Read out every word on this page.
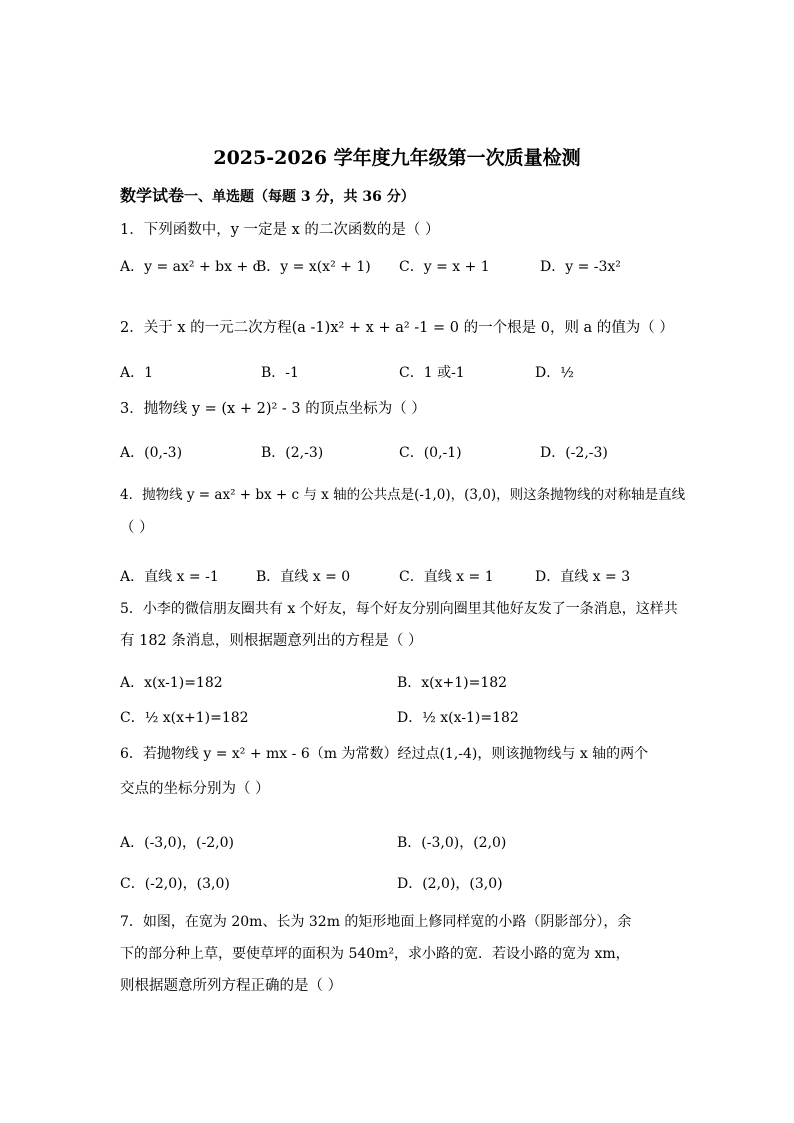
2025-2026 学年度九年级第一次质量检测
数学试卷一、单选题（每题 3 分，共 36 分）
1．下列函数中，y 一定是 x 的二次函数的是（ ）
A．y = ax² + bx + c
B．y = x(x² + 1) C．y = x + 1	D．y = -3x²
2．关于 x 的一元二次方程(a -1)x² + x + a² -1 = 0 的一个根是 0，则 a 的值为（ ）
A．1	B．-1	C．1 或-1	D．½
3．抛物线 y = (x + 2)² - 3 的顶点坐标为（ ）
A．(0,-3)	B．(2,-3)	C．(0,-1)	D．(-2,-3)
4．抛物线 y = ax² + bx + c 与 x 轴的公共点是(-1,0)，(3,0)，则这条抛物线的对称轴是直线
（ ）
A．直线 x = -1	B．直线 x = 0	C．直线 x = 1	D．直线 x = 3
5．小李的微信朋友圈共有 x 个好友，每个好友分别向圈里其他好友发了一条消息，这样共
有 182 条消息，则根据题意列出的方程是（ ）
A．x(x-1)=182	B．x(x+1)=182
C．½ x(x+1)=182	D．½ x(x-1)=182
6．若抛物线 y = x² + mx - 6（m 为常数）经过点(1,-4)，则该抛物线与 x 轴的两个
交点的坐标分别为（ ）
A．(-3,0)，(-2,0)	B．(-3,0)，(2,0)
C．(-2,0)，(3,0)	D．(2,0)，(3,0)
7．如图，在宽为 20m、长为 32m 的矩形地面上修同样宽的小路（阴影部分），余
下的部分种上草，要使草坪的面积为 540m²，求小路的宽．若设小路的宽为 xm，
则根据题意所列方程正确的是（ ）
